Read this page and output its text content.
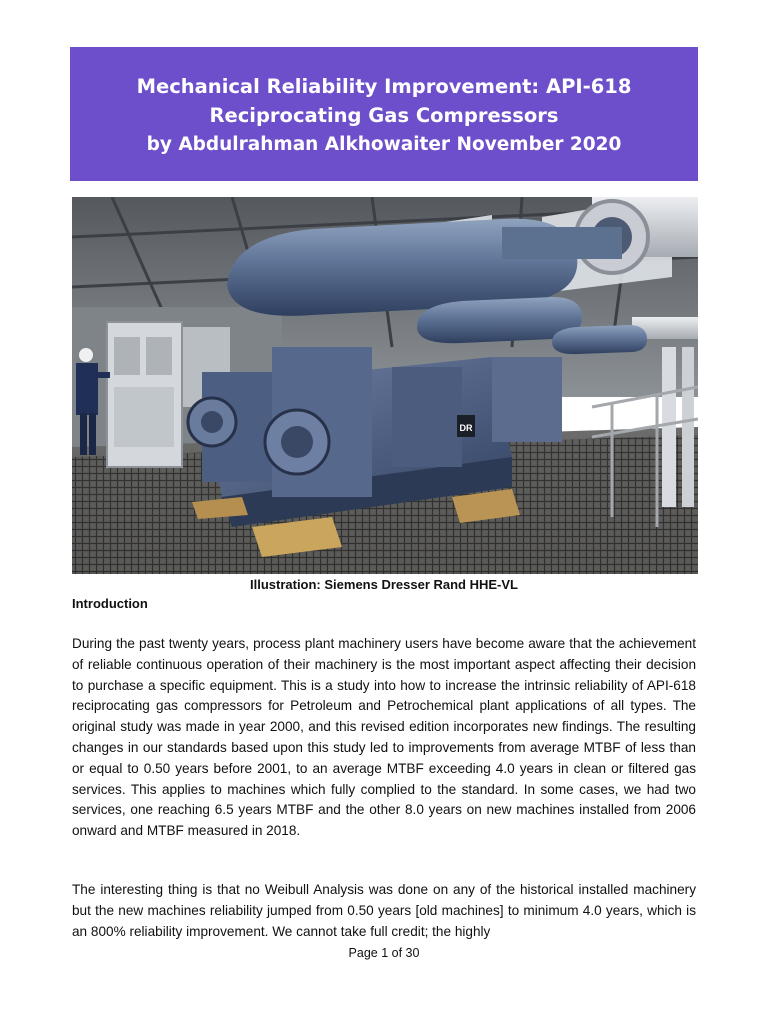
Mechanical Reliability Improvement: API-618
Reciprocating Gas Compressors
by Abdulrahman Alkhowaiter November 2020
DR
Illustration: Siemens Dresser Rand HHE-VL
Introduction

During the past twenty years, process plant machinery users have become aware that the achievement of reliable continuous operation of their machinery is the most important aspect affecting their decision to purchase a specific equipment. This is a study into how to increase the intrinsic reliability of API-618 reciprocating gas compressors for Petroleum and Petrochemical plant applications of all types. The original study was made in year 2000, and this revised edition incorporates new findings. The resulting changes in our standards based upon this study led to improvements from average MTBF of less than or equal to 0.50 years before 2001, to an average MTBF exceeding 4.0 years in clean or filtered gas services. This applies to machines which fully complied to the standard. In some cases, we had two services, one reaching 6.5 years MTBF and the other 8.0 years on new machines installed from 2006 onward and MTBF measured in 2018.

The interesting thing is that no Weibull Analysis was done on any of the historical installed machinery but the new machines reliability jumped from 0.50 years [old machines] to minimum 4.0 years, which is an 800% reliability improvement. We cannot take full credit; the highly

Page 1 of 30
